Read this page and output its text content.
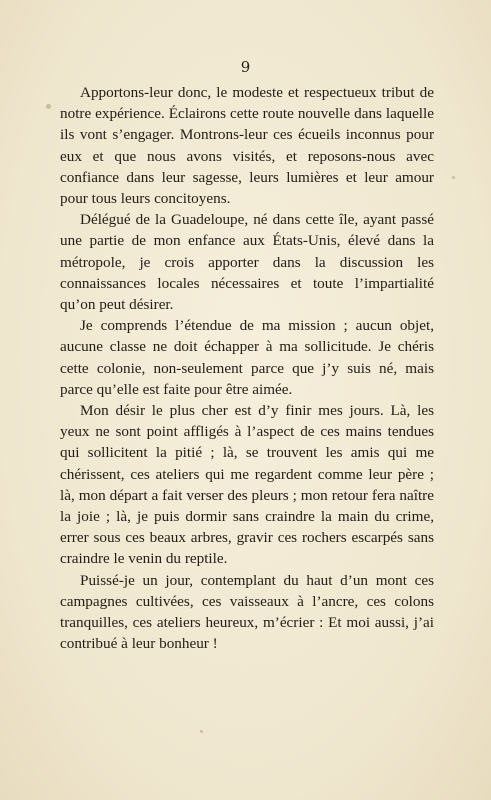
9

Apportons-leur donc, le modeste et respectueux tribut de notre expérience. Éclairons cette route nouvelle dans laquelle ils vont s’engager. Montrons-leur ces écueils inconnus pour eux et que nous avons visités, et reposons-nous avec confiance dans leur sagesse, leurs lumières et leur amour pour tous leurs concitoyens.

Délégué de la Guadeloupe, né dans cette île, ayant passé une partie de mon enfance aux États-Unis, élevé dans la métropole, je crois apporter dans la discussion les connaissances locales nécessaires et toute l’impartialité qu’on peut désirer.

Je comprends l’étendue de ma mission ; aucun objet, aucune classe ne doit échapper à ma sollicitude. Je chéris cette colonie, non-seulement parce que j’y suis né, mais parce qu’elle est faite pour être aimée.

Mon désir le plus cher est d’y finir mes jours. Là, les yeux ne sont point affligés à l’aspect de ces mains tendues qui sollicitent la pitié ; là, se trouvent les amis qui me chérissent, ces ateliers qui me regardent comme leur père ; là, mon départ a fait verser des pleurs ; mon retour fera naître la joie ; là, je puis dormir sans craindre la main du crime, errer sous ces beaux arbres, gravir ces rochers escarpés sans craindre le venin du reptile.

Puissé-je un jour, contemplant du haut d’un mont ces campagnes cultivées, ces vaisseaux à l’ancre, ces colons tranquilles, ces ateliers heureux, m’écrier : Et moi aussi, j’ai contribué à leur bonheur !
